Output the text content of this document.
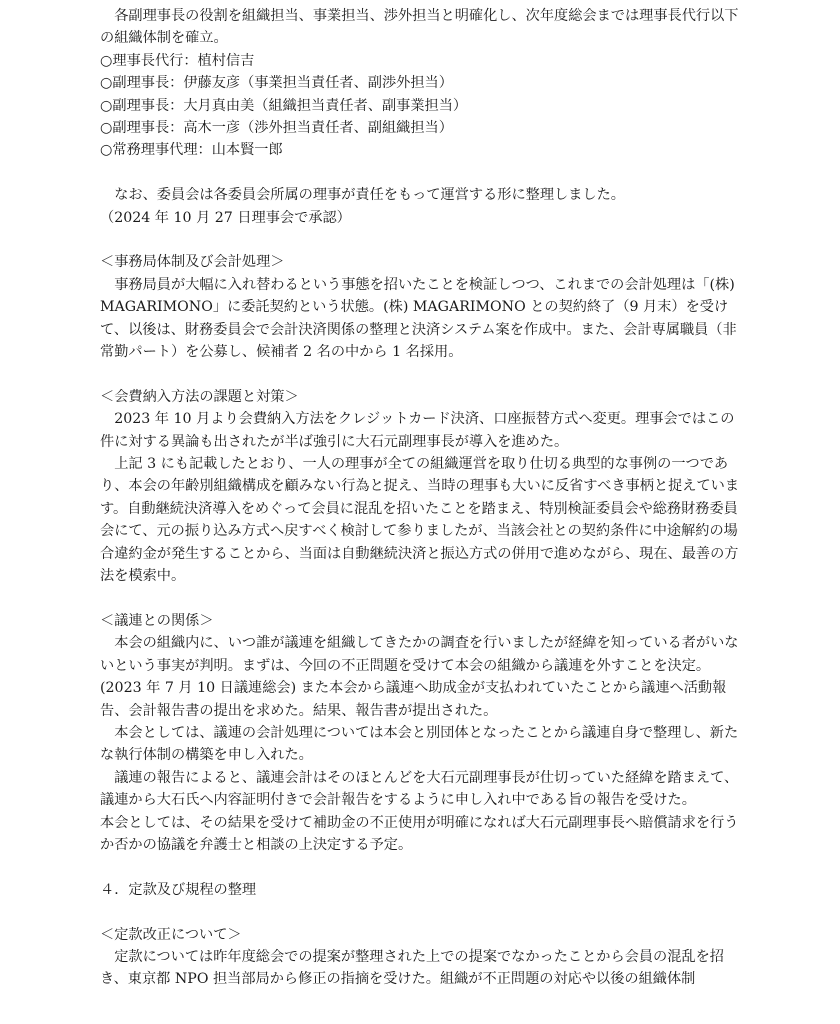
各副理事長の役割を組織担当、事業担当、渉外担当と明確化し、次年度総会までは理事長代行以下の組織体制を確立。

○理事長代行：植村信吉

○副理事長：伊藤友彦（事業担当責任者、副渉外担当）

○副理事長：大月真由美（組織担当責任者、副事業担当）

○副理事長：高木一彦（渉外担当責任者、副組織担当）

○常務理事代理：山本賢一郎

なお、委員会は各委員会所属の理事が責任をもって運営する形に整理しました。

（2024 年 10 月 27 日理事会で承認）

＜事務局体制及び会計処理＞

事務局員が大幅に入れ替わるという事態を招いたことを検証しつつ、これまでの会計処理は「(株) MAGARIMONO」に委託契約という状態。(株) MAGARIMONO との契約終了（9 月末）を受けて、以後は、財務委員会で会計決済関係の整理と決済システム案を作成中。また、会計専属職員（非常勤パート）を公募し、候補者 2 名の中から 1 名採用。

＜会費納入方法の課題と対策＞

2023 年 10 月より会費納入方法をクレジットカード決済、口座振替方式へ変更。理事会ではこの件に対する異論も出されたが半ば強引に大石元副理事長が導入を進めた。

上記 3 にも記載したとおり、一人の理事が全ての組織運営を取り仕切る典型的な事例の一つであり、本会の年齢別組織構成を顧みない行為と捉え、当時の理事も大いに反省すべき事柄と捉えています。自動継続決済導入をめぐって会員に混乱を招いたことを踏まえ、特別検証委員会や総務財務委員会にて、元の振り込み方式へ戻すべく検討して参りましたが、当該会社との契約条件に中途解約の場合違約金が発生することから、当面は自動継続決済と振込方式の併用で進めながら、現在、最善の方法を模索中。

＜議連との関係＞

本会の組織内に、いつ誰が議連を組織してきたかの調査を行いましたが経緯を知っている者がいないという事実が判明。まずは、今回の不正問題を受けて本会の組織から議連を外すことを決定。(2023 年 7 月 10 日議連総会) また本会から議連へ助成金が支払われていたことから議連へ活動報告、会計報告書の提出を求めた。結果、報告書が提出された。

本会としては、議連の会計処理については本会と別団体となったことから議連自身で整理し、新たな執行体制の構築を申し入れた。

議連の報告によると、議連会計はそのほとんどを大石元副理事長が仕切っていた経緯を踏まえて、議連から大石氏へ内容証明付きで会計報告をするように申し入れ中である旨の報告を受けた。

本会としては、その結果を受けて補助金の不正使用が明確になれば大石元副理事長へ賠償請求を行うか否かの協議を弁護士と相談の上決定する予定。

４．定款及び規程の整理

＜定款改正について＞

定款については昨年度総会での提案が整理された上での提案でなかったことから会員の混乱を招き、東京都 NPO 担当部局から修正の指摘を受けた。組織が不正問題の対応や以後の組織体制
